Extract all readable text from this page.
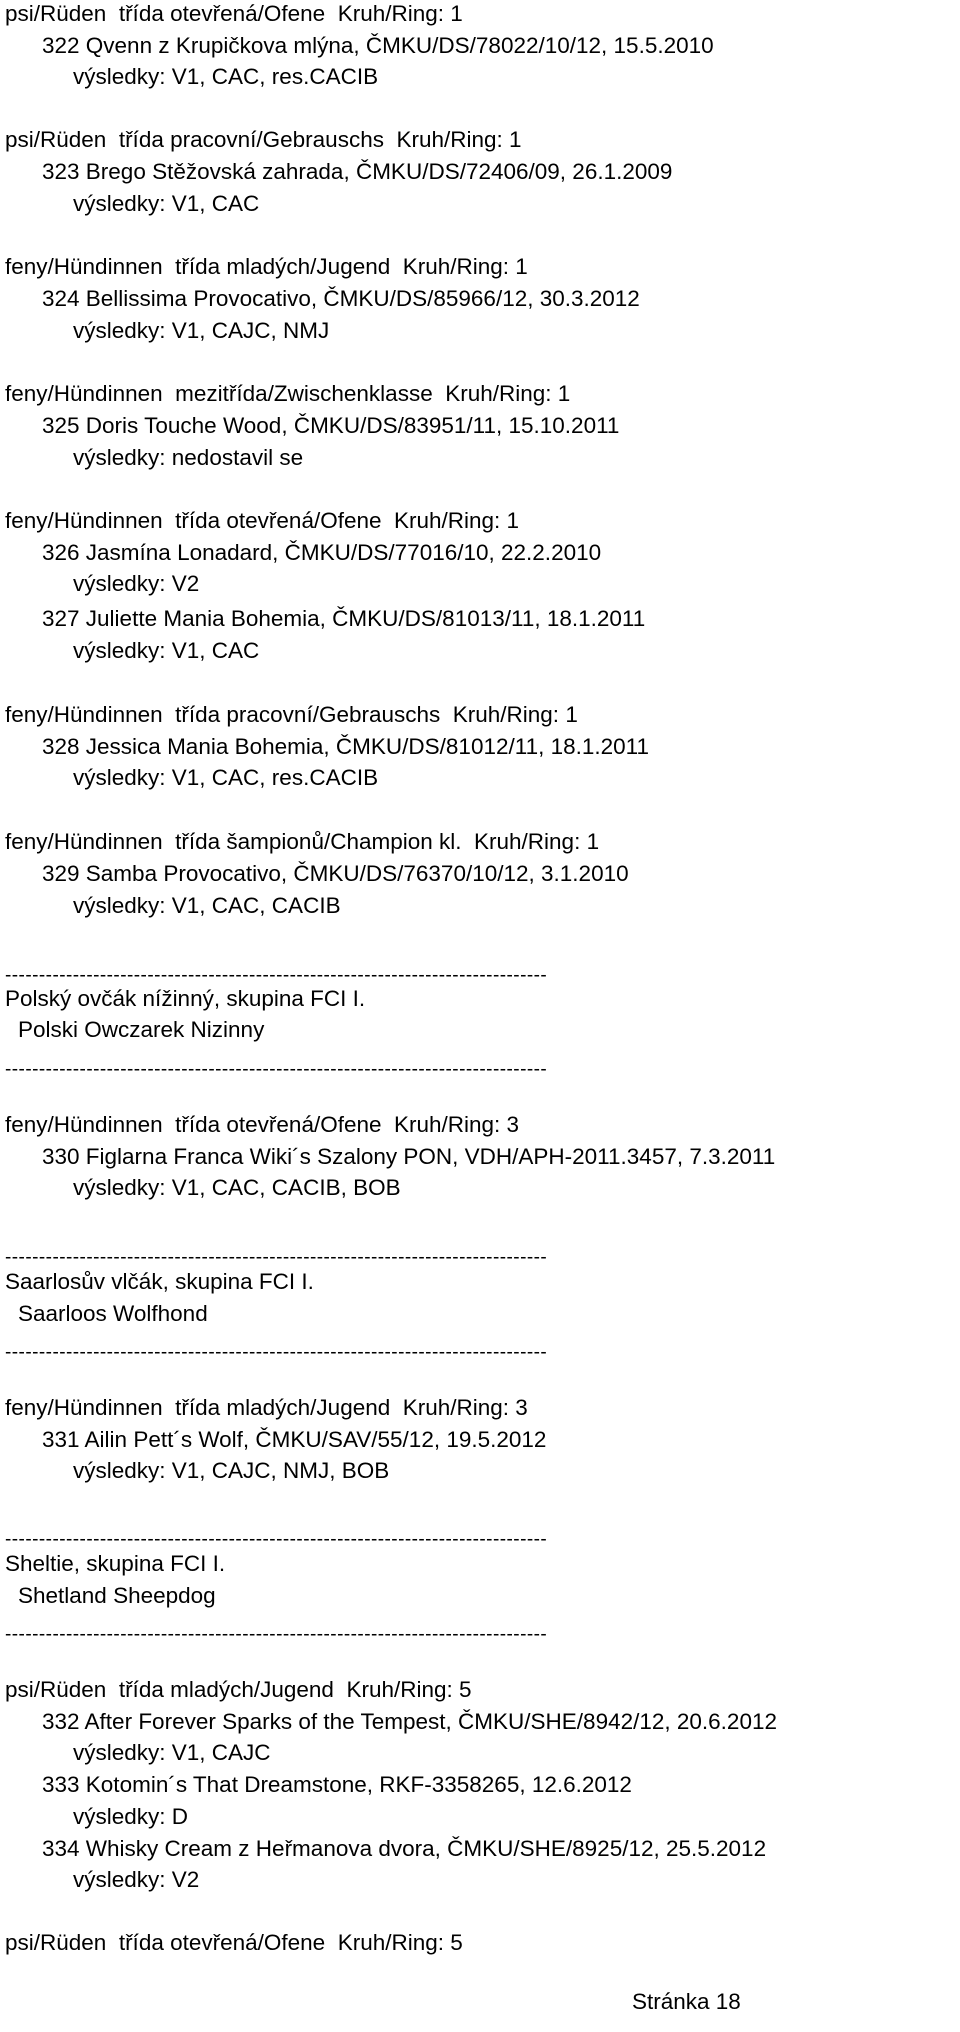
psi/Rüden  třída otevřená/Ofene  Kruh/Ring: 1
322 Qvenn z Krupičkova mlýna, ČMKU/DS/78022/10/12, 15.5.2010
výsledky: V1, CAC, res.CACIB
psi/Rüden  třída pracovní/Gebrauschs  Kruh/Ring: 1
323 Brego Stěžovská zahrada, ČMKU/DS/72406/09, 26.1.2009
výsledky: V1, CAC
feny/Hündinnen  třída mladých/Jugend  Kruh/Ring: 1
324 Bellissima Provocativo, ČMKU/DS/85966/12, 30.3.2012
výsledky: V1, CAJC, NMJ
feny/Hündinnen  mezitřída/Zwischenklasse  Kruh/Ring: 1
325 Doris Touche Wood, ČMKU/DS/83951/11, 15.10.2011
výsledky: nedostavil se
feny/Hündinnen  třída otevřená/Ofene  Kruh/Ring: 1
326 Jasmína Lonadard, ČMKU/DS/77016/10, 22.2.2010
výsledky: V2
327 Juliette Mania Bohemia, ČMKU/DS/81013/11, 18.1.2011
výsledky: V1, CAC
feny/Hündinnen  třída pracovní/Gebrauschs  Kruh/Ring: 1
328 Jessica Mania Bohemia, ČMKU/DS/81012/11, 18.1.2011
výsledky: V1, CAC, res.CACIB
feny/Hündinnen  třída šampionů/Champion kl.  Kruh/Ring: 1
329 Samba Provocativo, ČMKU/DS/76370/10/12, 3.1.2010
výsledky: V1, CAC, CACIB
--------------------------------------------------------------------------------
Polský ovčák nížinný, skupina FCI I.
Polski Owczarek Nizinny
--------------------------------------------------------------------------------
feny/Hündinnen  třída otevřená/Ofene  Kruh/Ring: 3
330 Figlarna Franca Wiki´s Szalony PON, VDH/APH-2011.3457, 7.3.2011
výsledky: V1, CAC, CACIB, BOB
--------------------------------------------------------------------------------
Saarlosův vlčák, skupina FCI I.
Saarloos Wolfhond
--------------------------------------------------------------------------------
feny/Hündinnen  třída mladých/Jugend  Kruh/Ring: 3
331 Ailin Pett´s Wolf, ČMKU/SAV/55/12, 19.5.2012
výsledky: V1, CAJC, NMJ, BOB
--------------------------------------------------------------------------------
Sheltie, skupina FCI I.
Shetland Sheepdog
--------------------------------------------------------------------------------
psi/Rüden  třída mladých/Jugend  Kruh/Ring: 5
332 After Forever Sparks of the Tempest, ČMKU/SHE/8942/12, 20.6.2012
výsledky: V1, CAJC
333 Kotomin´s That Dreamstone, RKF-3358265, 12.6.2012
výsledky: D
334 Whisky Cream z Heřmanova dvora, ČMKU/SHE/8925/12, 25.5.2012
výsledky: V2
psi/Rüden  třída otevřená/Ofene  Kruh/Ring: 5
Stránka 18
